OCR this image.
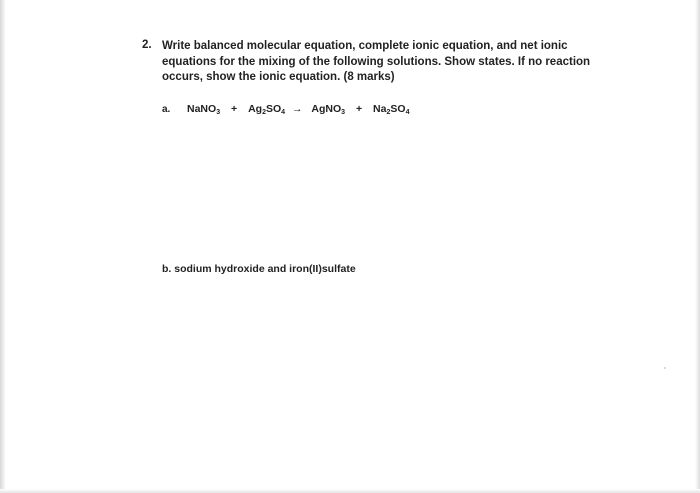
2. Write balanced molecular equation, complete ionic equation, and net ionic
equations for the mixing of the following solutions. Show states. If no reaction
occurs, show the ionic equation. (8 marks)
a. NaNO$_3$ + $Ag_2SO_4$ → AgNO$_3$ + $Na_2SO_4$
b. sodium hydroxide and iron(II)sulfate
